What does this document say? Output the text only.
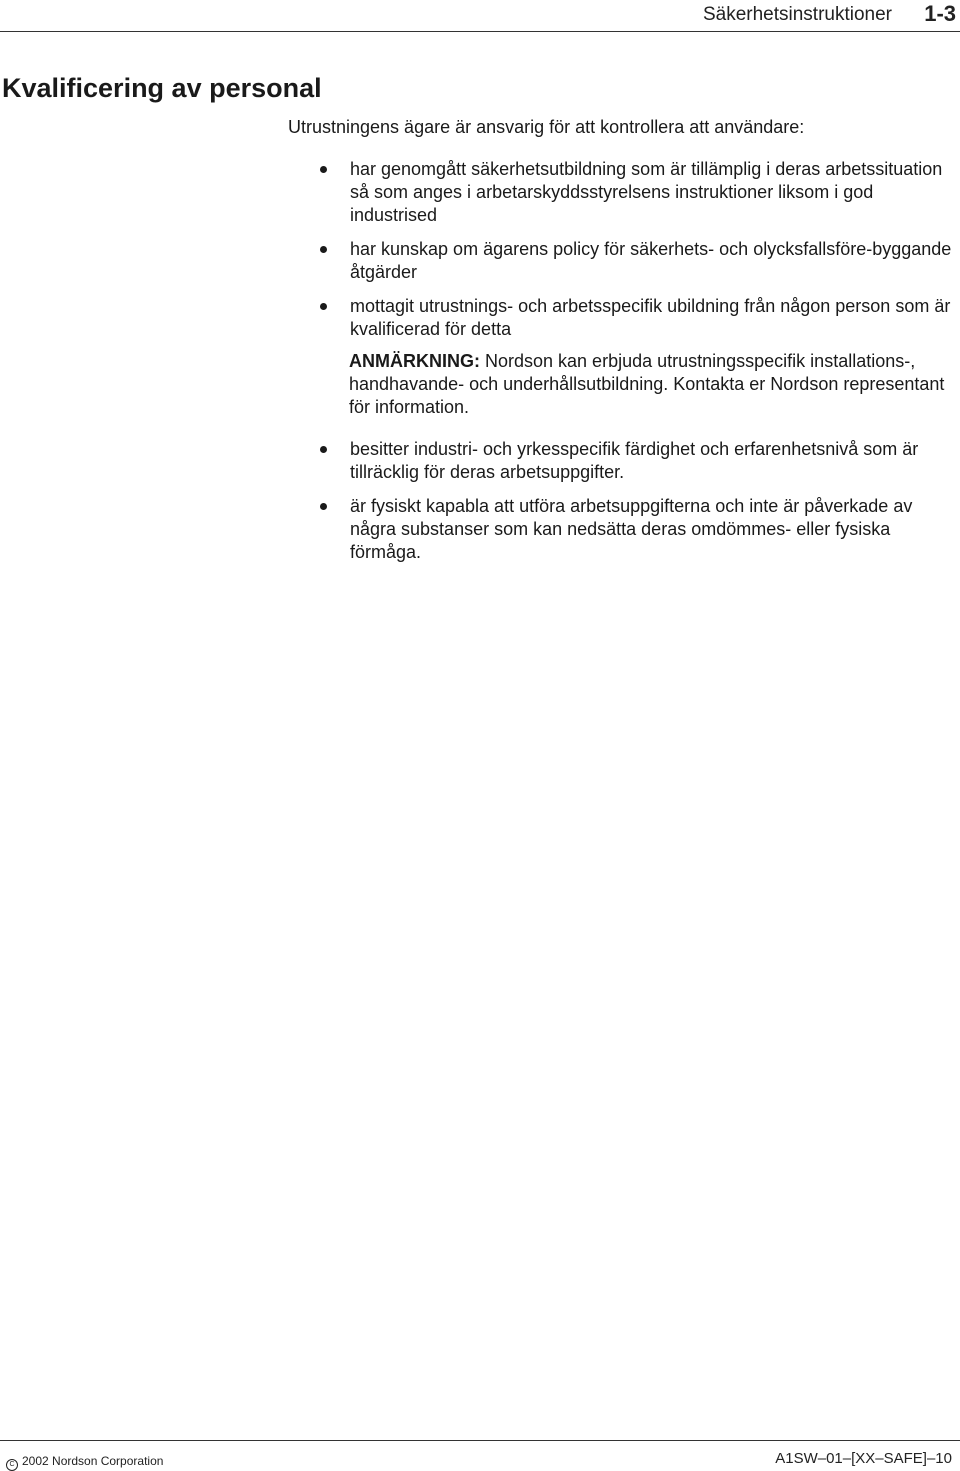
Säkerhetsinstruktioner 1-3
Kvalificering av personal

Utrustningens ägare är ansvarig för att kontrollera att användare:

har genomgått säkerhetsutbildning som är tillämplig i deras arbetssituation så som anges i arbetarskyddsstyrelsens instruktioner liksom i god industrised
har kunskap om ägarens policy för säkerhets- och olycksfallsföre-byggande åtgärder
mottagit utrustnings- och arbetsspecifik ubildning från någon person som är kvalificerad för detta
besitter industri- och yrkesspecifik färdighet och erfarenhetsnivå som är tillräcklig för deras arbetsuppgifter.
är fysiskt kapabla att utföra arbetsuppgifterna och inte är påverkade av några substanser som kan nedsätta deras omdömmes- eller fysiska förmåga.
ANMÄRKNING: Nordson kan erbjuda utrustningsspecifik installations-, handhavande- och underhållsutbildning. Kontakta er Nordson representant för information.
C 2002 Nordson Corporation	A1SW–01–[XX–SAFE]–10
